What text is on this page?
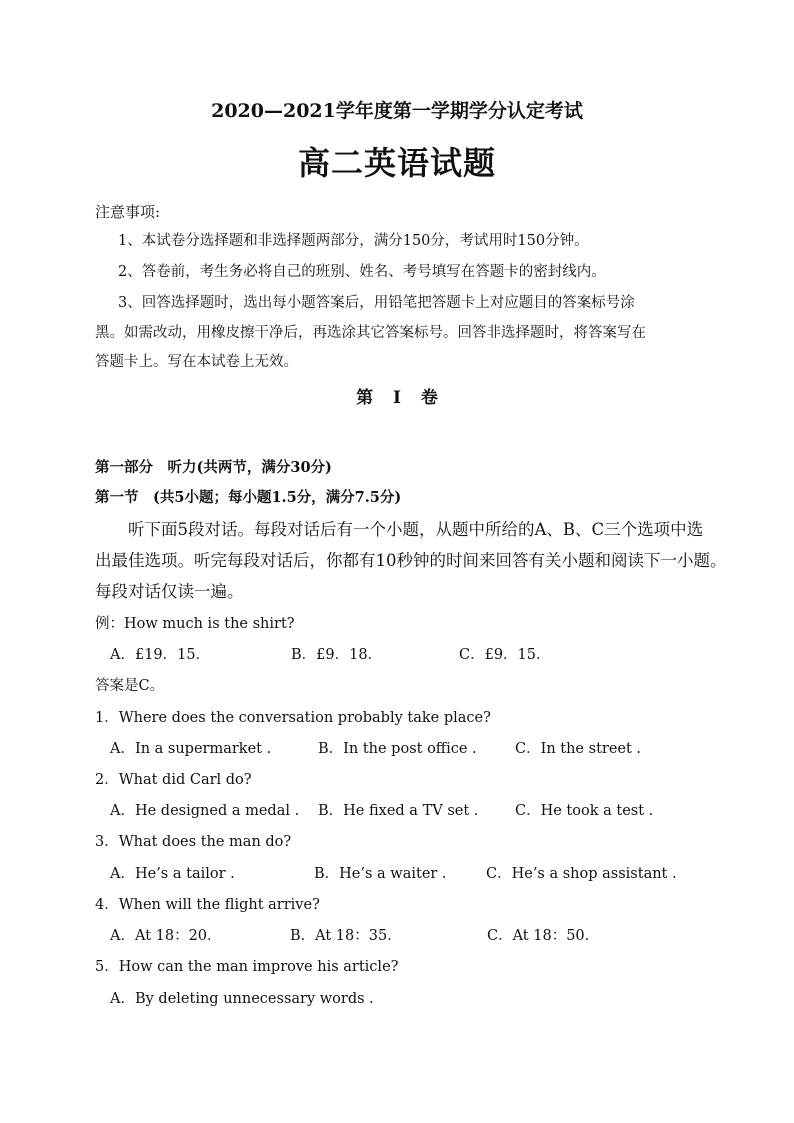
2020—2021学年度第一学期学分认定考试
高二英语试题
注意事项:
1、本试卷分选择题和非选择题两部分，满分150分，考试用时150分钟。
2、答卷前，考生务必将自己的班别、姓名、考号填写在答题卡的密封线内。
3、回答选择题时，选出每小题答案后，用铅笔把答题卡上对应题目的答案标号涂
黑。如需改动，用橡皮擦干净后，再选涂其它答案标号。回答非选择题时，将答案写在
答题卡上。写在本试卷上无效。
第 Ⅰ 卷
第一部分　听力(共两节，满分30分)
第一节　(共5小题；每小题1.5分，满分7.5分)
听下面5段对话。每段对话后有一个小题，从题中所给的A、B、C三个选项中选
出最佳选项。听完每段对话后，你都有10秒钟的时间来回答有关小题和阅读下一小题。
每段对话仅读一遍。
例：How much is the shirt?
A．£19．15．	B．£9．18．	C．£9．15．
答案是C。
1．Where does the conversation probably take place?
A．In a supermarket .	B．In the post office .	C．In the street .
2．What did Carl do?
A．He designed a medal . B．He fixed a TV set .	C．He took a test .
3．What does the man do?
A．He’s a tailor .	B．He’s a waiter .	C．He’s a shop assistant .
4．When will the flight arrive?
A．At 18：20．	B．At 18：35．	C．At 18：50．
5．How can the man improve his article?
A．By deleting unnecessary words .
